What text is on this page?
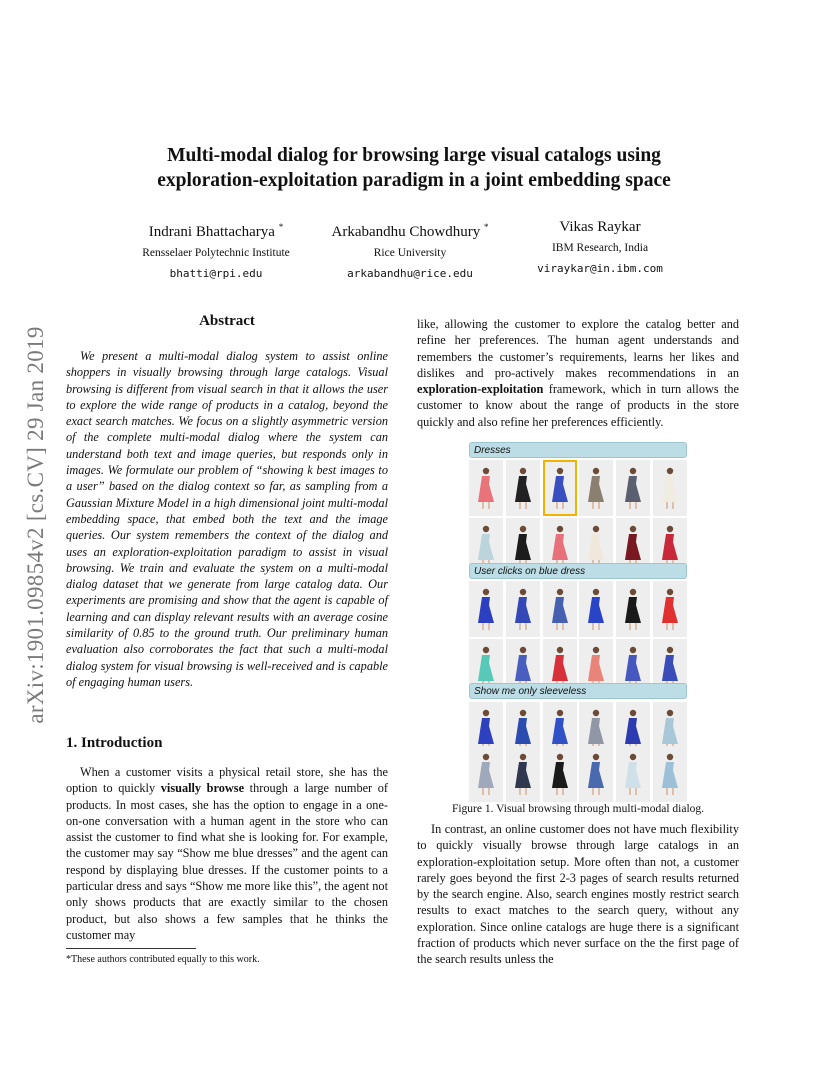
arXiv:1901.09854v2 [cs.CV] 29 Jan 2019
Multi-modal dialog for browsing large visual catalogs using
exploration-exploitation paradigm in a joint embedding space
Indrani Bhattacharya *
Rensselaer Polytechnic Institute
bhatti@rpi.edu
Arkabandhu Chowdhury *
Rice University
arkabandhu@rice.edu
Vikas Raykar
IBM Research, India
viraykar@in.ibm.com
Abstract
We present a multi-modal dialog system to assist online shoppers in visually browsing through large catalogs. Visual browsing is different from visual search in that it allows the user to explore the wide range of products in a catalog, beyond the exact search matches. We focus on a slightly asymmetric version of the complete multi-modal dialog where the system can understand both text and image queries, but responds only in images. We formulate our problem of “showing k best images to a user” based on the dialog context so far, as sampling from a Gaussian Mixture Model in a high dimensional joint multi-modal embedding space, that embed both the text and the image queries. Our system remembers the context of the dialog and uses an exploration-exploitation paradigm to assist in visual browsing. We train and evaluate the system on a multi-modal dialog dataset that we generate from large catalog data. Our experiments are promising and show that the agent is capable of learning and can display relevant results with an average cosine similarity of 0.85 to the ground truth. Our preliminary human evaluation also corroborates the fact that such a multi-modal dialog system for visual browsing is well-received and is capable of engaging human users.
1. Introduction
When a customer visits a physical retail store, she has the option to quickly visually browse through a large number of products. In most cases, she has the option to engage in a one-on-one conversation with a human agent in the store who can assist the customer to find what she is looking for. For example, the customer may say “Show me blue dresses” and the agent can respond by displaying blue dresses. If the customer points to a particular dress and says “Show me more like this”, the agent not only shows products that are exactly similar to the chosen product, but also shows a few samples that he thinks the customer may
*These authors contributed equally to this work.
like, allowing the customer to explore the catalog better and refine her preferences. The human agent understands and remembers the customer’s requirements, learns her likes and dislikes and pro-actively makes recommendations in an exploration-exploitation framework, which in turn allows the customer to know about the range of products in the store quickly and also refine her preferences efficiently.
Dresses
User clicks on blue dress
Show me only sleeveless
Figure 1. Visual browsing through multi-modal dialog.
In contrast, an online customer does not have much flexibility to quickly visually browse through large catalogs in an exploration-exploitation setup. More often than not, a customer rarely goes beyond the first 2-3 pages of search results returned by the search engine. Also, search engines mostly restrict search results to exact matches to the search query, without any exploration. Since online catalogs are huge there is a significant fraction of products which never surface on the the first page of the search results unless the
